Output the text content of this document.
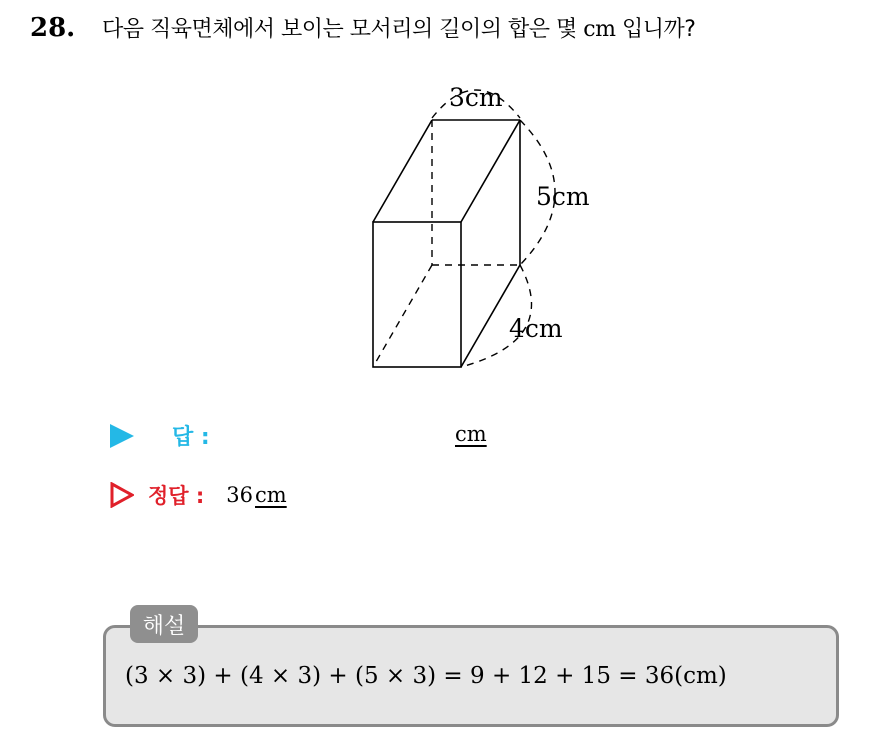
28.	다음 직육면체에서 보이는 모서리의 길이의 합은 몇 cm 입니까?
3cm
5cm
4cm
답 :	cm
정답 : 36 cm
해설
(3 × 3) + (4 × 3) + (5 × 3) = 9 + 12 + 15 = 36(cm)
